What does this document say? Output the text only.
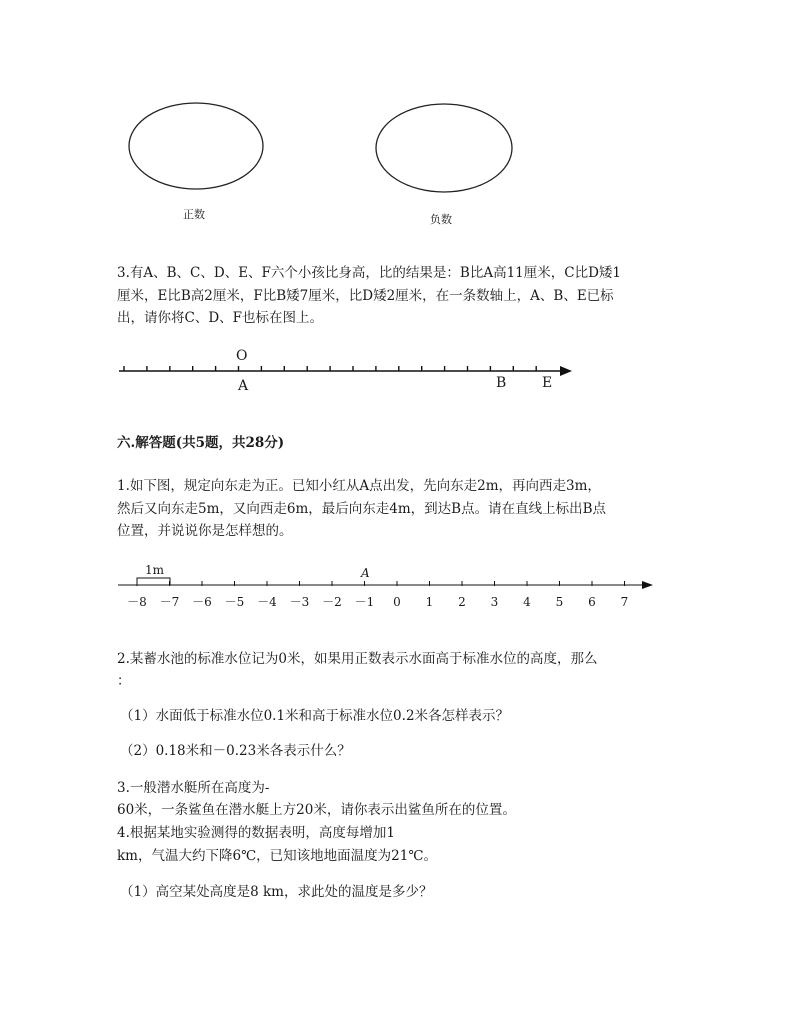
正数	负数
3.有A、B、C、D、E、F六个小孩比身高，比的结果是：B比A高11厘米，C比D矮1
厘米，E比B高2厘米，F比B矮7厘米，比D矮2厘米，在一条数轴上，A、B、E已标
出，请你将C、D、F也标在图上。
O
A	B	E
六.解答题(共5题，共28分)
1.如下图，规定向东走为正。已知小红从A点出发，先向东走2m，再向西走3m，
然后又向东走5m，又向西走6m，最后向东走4m，到达B点。请在直线上标出B点
位置，并说说你是怎样想的。
1m	A
－8 －7 －6 －5 －4 －3 －2 －1 0 1 2 3 4 5 6 7
2.某蓄水池的标准水位记为0米，如果用正数表示水面高于标准水位的高度，那么
：
（1）水面低于标准水位0.1米和高于标准水位0.2米各怎样表示？
（2）0.18米和－0.23米各表示什么？
3.一般潜水艇所在高度为-
60米，一条鲨鱼在潜水艇上方20米，请你表示出鲨鱼所在的位置。
4.根据某地实验测得的数据表明，高度每增加1
km，气温大约下降6℃，已知该地地面温度为21℃。
（1）高空某处高度是8 km，求此处的温度是多少？
